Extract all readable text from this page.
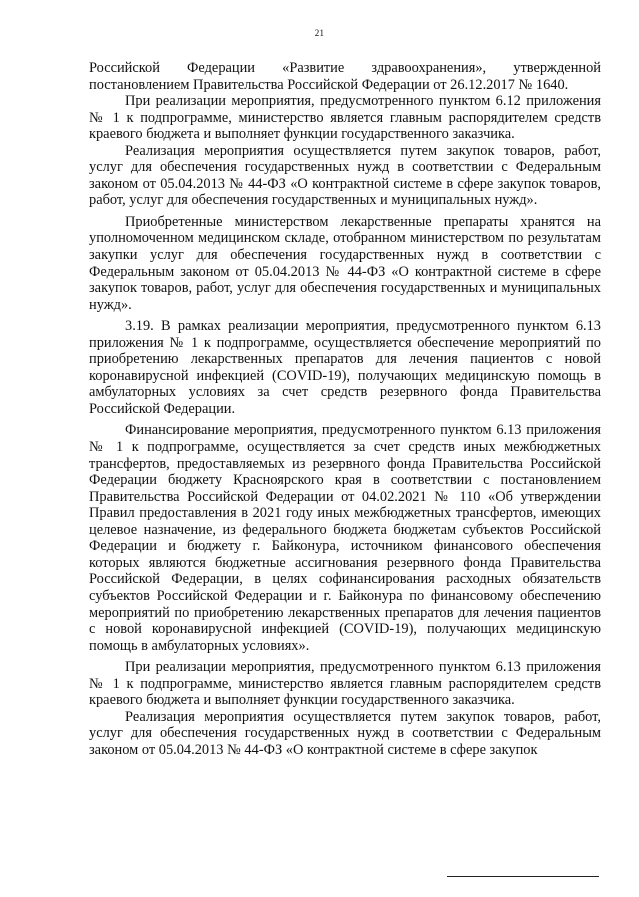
21

Российской Федерации «Развитие здравоохранения», утвержденной постановлением Правительства Российской Федерации от 26.12.2017 № 1640.

При реализации мероприятия, предусмотренного пунктом 6.12 приложения № 1 к подпрограмме, министерство является главным распорядителем средств краевого бюджета и выполняет функции государственного заказчика.

Реализация мероприятия осуществляется путем закупок товаров, работ, услуг для обеспечения государственных нужд в соответствии с Федеральным законом от 05.04.2013 № 44-ФЗ «О контрактной системе в сфере закупок товаров, работ, услуг для обеспечения государственных и муниципальных нужд».

Приобретенные министерством лекарственные препараты хранятся на уполномоченном медицинском складе, отобранном министерством по результатам закупки услуг для обеспечения государственных нужд в соответствии с Федеральным законом от 05.04.2013 № 44-ФЗ «О контрактной системе в сфере закупок товаров, работ, услуг для обеспечения государственных и муниципальных нужд».

3.19. В рамках реализации мероприятия, предусмотренного пунктом 6.13 приложения № 1 к подпрограмме, осуществляется обеспечение мероприятий по приобретению лекарственных препаратов для лечения пациентов с новой коронавирусной инфекцией (COVID-19), получающих медицинскую помощь в амбулаторных условиях за счет средств резервного фонда Правительства Российской Федерации.

Финансирование мероприятия, предусмотренного пунктом 6.13 приложения № 1 к подпрограмме, осуществляется за счет средств иных межбюджетных трансфертов, предоставляемых из резервного фонда Правительства Российской Федерации бюджету Красноярского края в соответствии с постановлением Правительства Российской Федерации от 04.02.2021 № 110 «Об утверждении Правил предоставления в 2021 году иных межбюджетных трансфертов, имеющих целевое назначение, из федерального бюджета бюджетам субъектов Российской Федерации и бюджету г. Байконура, источником финансового обеспечения которых являются бюджетные ассигнования резервного фонда Правительства Российской Федерации, в целях софинансирования расходных обязательств субъектов Российской Федерации и г. Байконура по финансовому обеспечению мероприятий по приобретению лекарственных препаратов для лечения пациентов с новой коронавирусной инфекцией (COVID-19), получающих медицинскую помощь в амбулаторных условиях».

При реализации мероприятия, предусмотренного пунктом 6.13 приложения № 1 к подпрограмме, министерство является главным распорядителем средств краевого бюджета и выполняет функции государственного заказчика.

Реализация мероприятия осуществляется путем закупок товаров, работ, услуг для обеспечения государственных нужд в соответствии с Федеральным законом от 05.04.2013 № 44-ФЗ «О контрактной системе в сфере закупок
